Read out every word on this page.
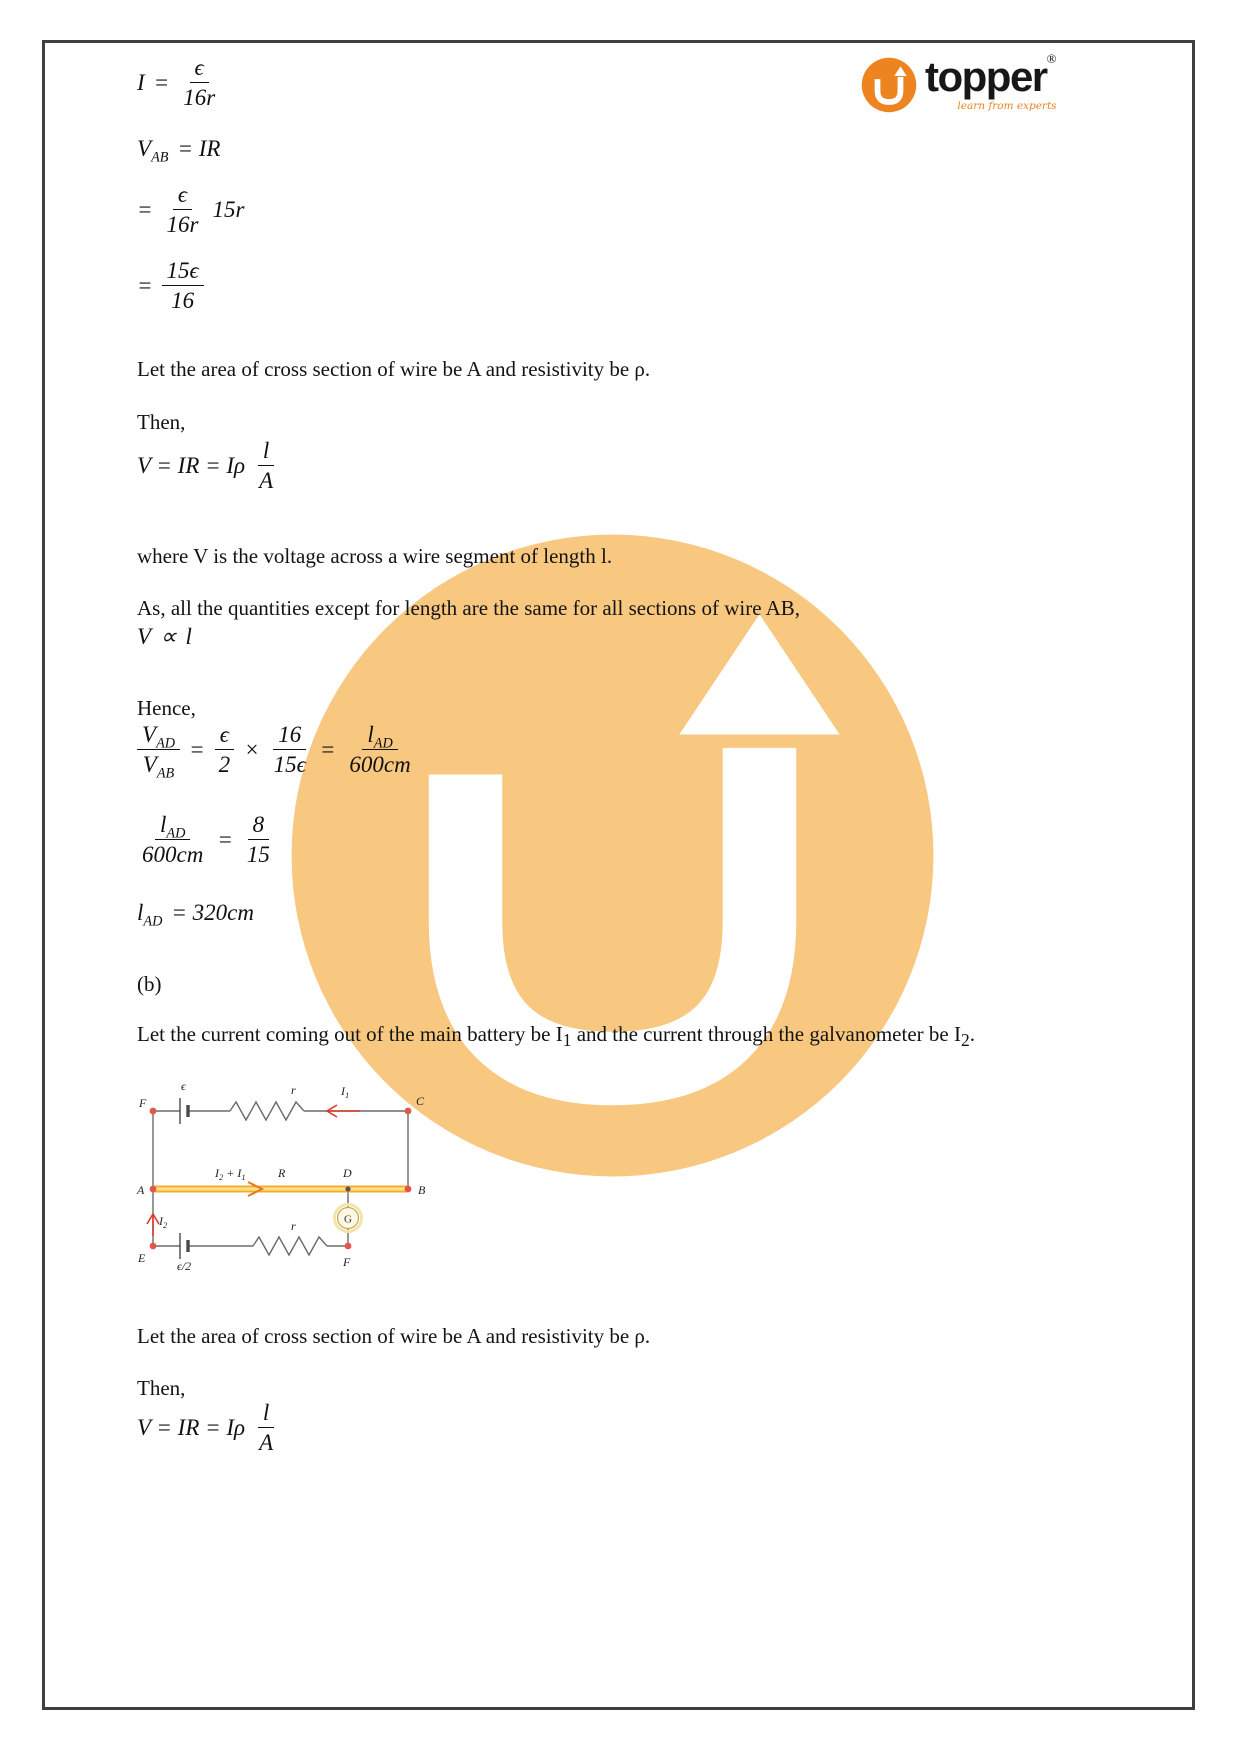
topper®
learn from experts
$I = \frac{\epsilon}{16r}$
$V_{AB}$ = IR
= $\frac{\epsilon}{16r} 15r$
= $\frac{15\epsilon}{16}$

Let the area of cross section of wire be A and resistivity be ρ.

Then,

V = IR = Iρ $\frac{l}{A}$

where V is the voltage across a wire segment of length l.

As, all the quantities except for length are the same for all sections of wire AB,

V ∝ l

Hence,

$\frac{V_{AD}}{V_{AB}} = \frac{\epsilon}{2} \times \frac{16}{15\epsilon} = \frac{l_{AD}}{600cm}$
$\frac{l_{AD}}{600cm} = \frac{8}{15}$
$l_{AD} = 320cm$

(b)

Let the current coming out of the main battery be $I_1$ and the current through the galvanometer be $I_2$.

G
F
ϵ	r	$I_1$	C
A
$I_2 + I_1$	R	D
B
$I_2$
E
ϵ/2
r
F

Let the area of cross section of wire be A and resistivity be ρ.

Then,

V = IR = Iρ $\frac{l}{A}$
